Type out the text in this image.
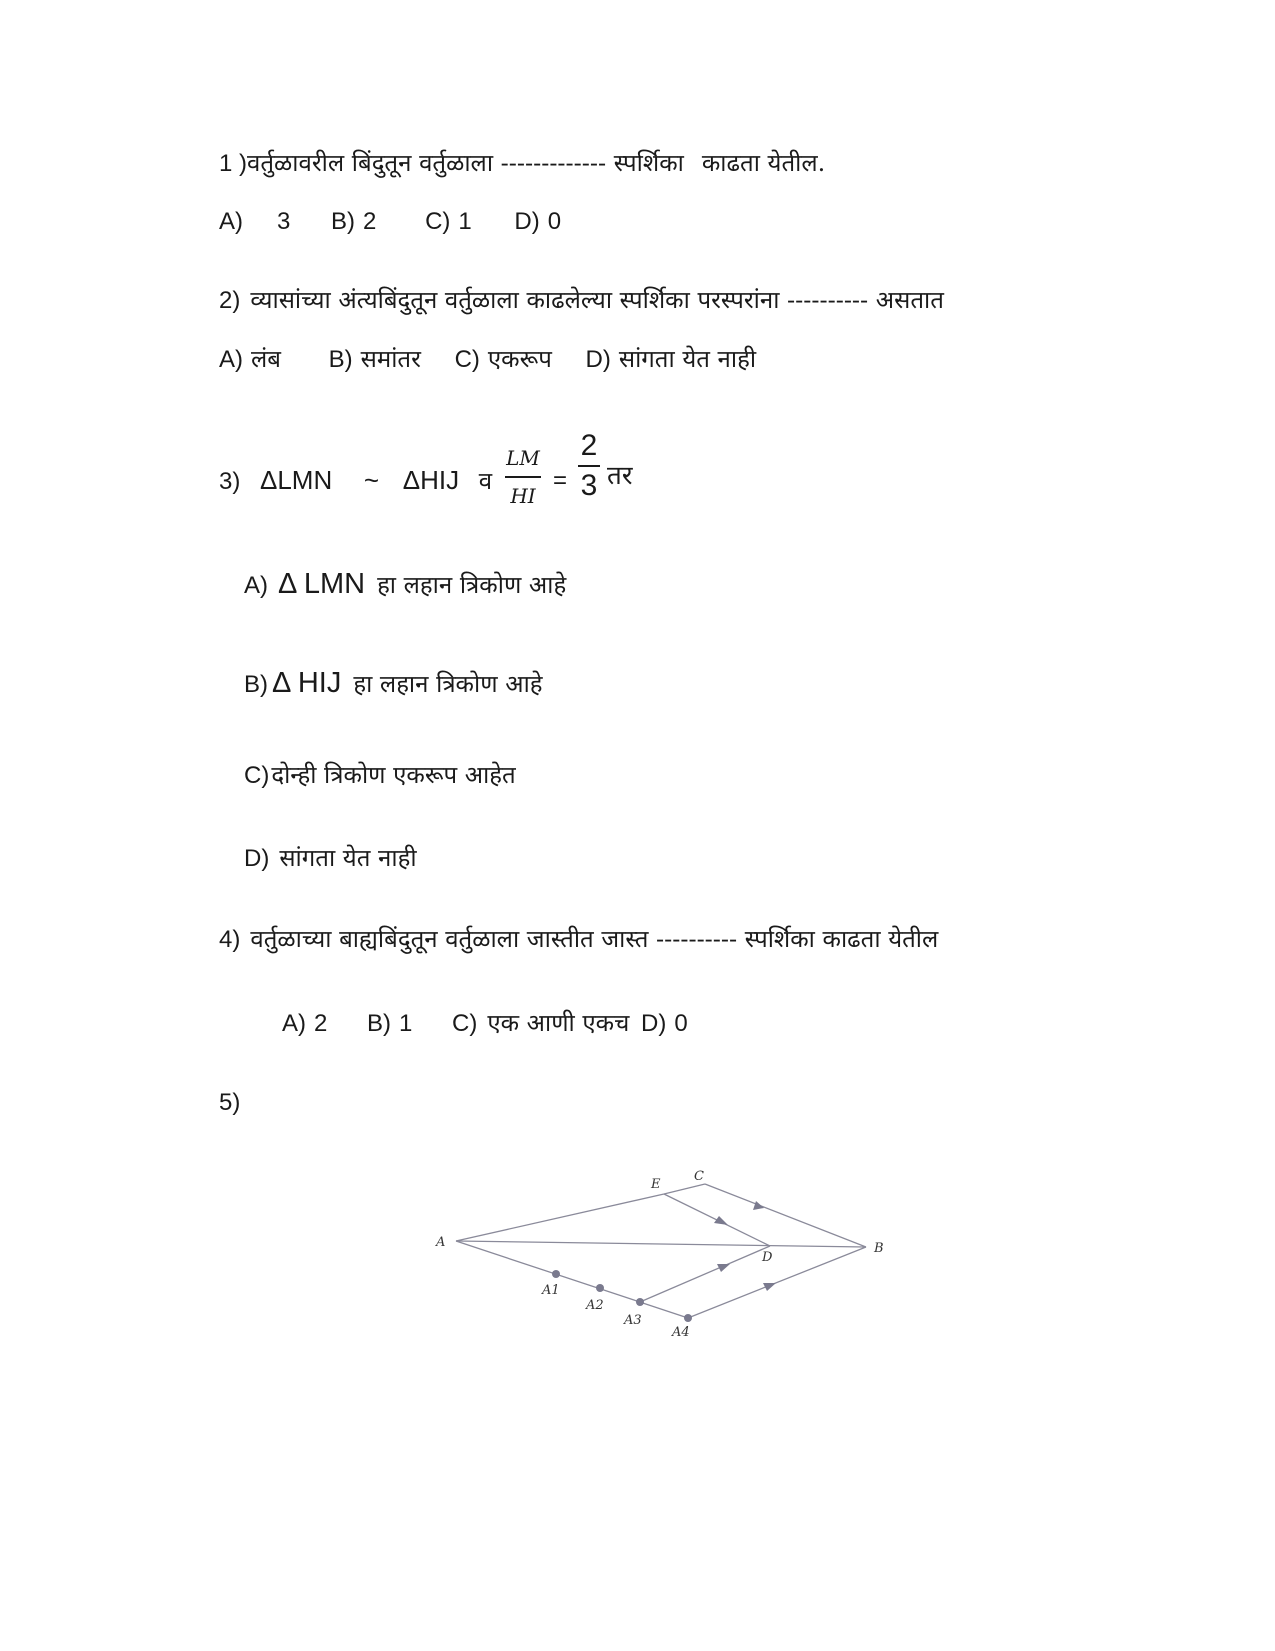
1 )वर्तुळावरील बिंदुतून वर्तुळाला ------------- स्पर्शिका काढता येतील.
A) 3 B) 2 C) 1 D) 0
2) व्यासांच्या अंत्यबिंदुतून वर्तुळाला काढलेल्या स्पर्शिका परस्परांना ---------- असतात
A) लंब B) समांतर C) एकरूप D) सांगता येत नाही
3) ΔLMN ~ ΔHIJ व
LM
HI
=
2
3 तर
A) Δ LMN हा लहान त्रिकोण आहे
B) Δ HIJ हा लहान त्रिकोण आहे
C)दोन्ही त्रिकोण एकरूप आहेत
D) सांगता येत नाही
4) वर्तुळाच्या बाह्यबिंदुतून वर्तुळाला जास्तीत जास्त ---------- स्पर्शिका काढता येतील
A) 2 B) 1 C) एक आणी एकच D) 0
5)
A	B
C
D
E
A1
A2
A3
A4
